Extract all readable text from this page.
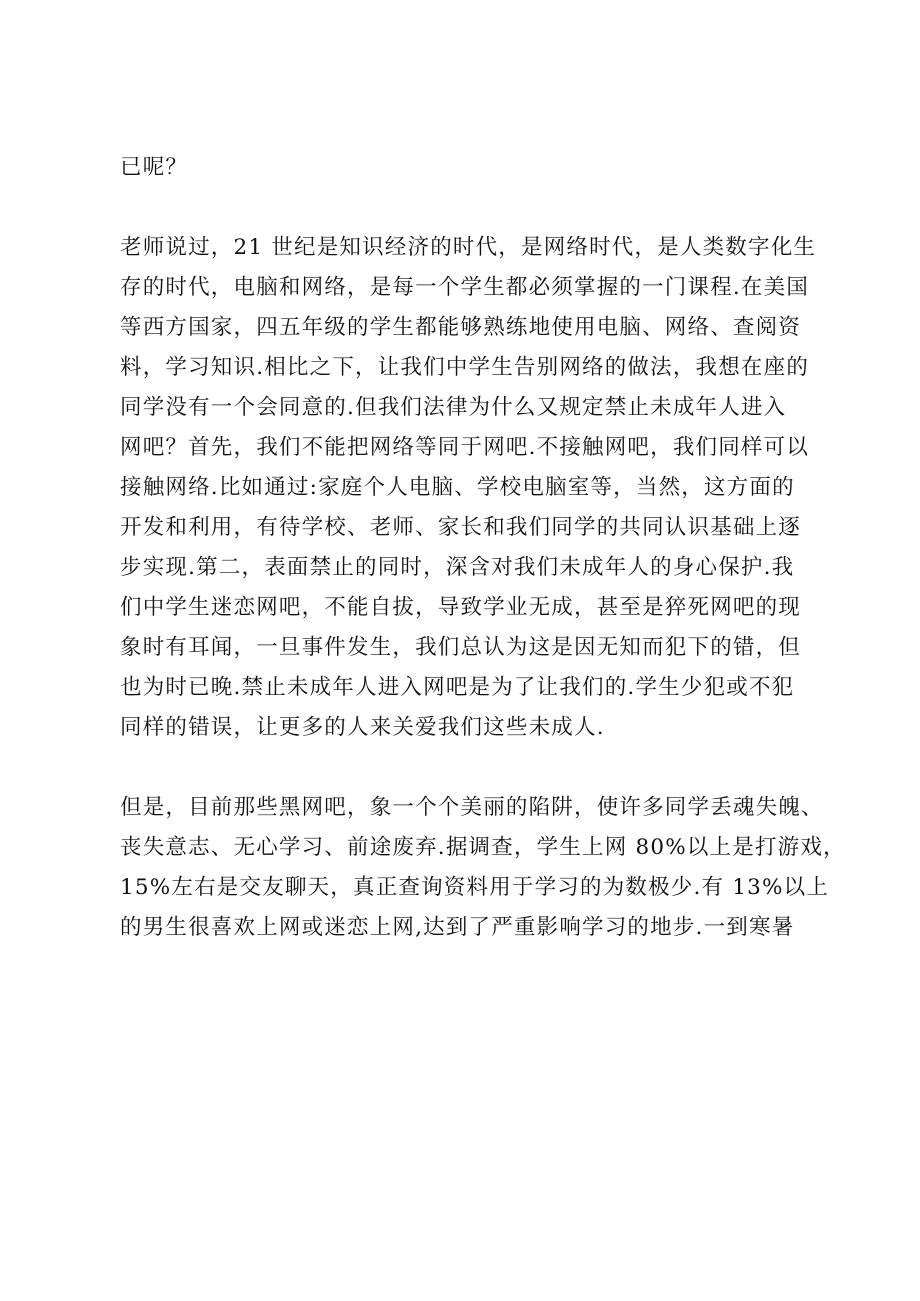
已呢？
老师说过，21 世纪是知识经济的时代，是网络时代，是人类数字化生
存的时代，电脑和网络，是每一个学生都必须掌握的一门课程.在美国
等西方国家，四五年级的学生都能够熟练地使用电脑、网络、查阅资
料，学习知识.相比之下，让我们中学生告别网络的做法，我想在座的
同学没有一个会同意的.但我们法律为什么又规定禁止未成年人进入
网吧？首先，我们不能把网络等同于网吧.不接触网吧，我们同样可以
接触网络.比如通过:家庭个人电脑、学校电脑室等，当然，这方面的
开发和利用，有待学校、老师、家长和我们同学的共同认识基础上逐
步实现.第二，表面禁止的同时，深含对我们未成年人的身心保护.我
们中学生迷恋网吧，不能自拔，导致学业无成，甚至是猝死网吧的现
象时有耳闻，一旦事件发生，我们总认为这是因无知而犯下的错，但
也为时已晚.禁止未成年人进入网吧是为了让我们的.学生少犯或不犯
同样的错误，让更多的人来关爱我们这些未成人.
但是，目前那些黑网吧，象一个个美丽的陷阱，使许多同学丢魂失魄、
丧失意志、无心学习、前途废弃.据调查，学生上网 80%以上是打游戏，
15%左右是交友聊天，真正查询资料用于学习的为数极少.有 13%以上
的男生很喜欢上网或迷恋上网,达到了严重影响学习的地步.一到寒暑
